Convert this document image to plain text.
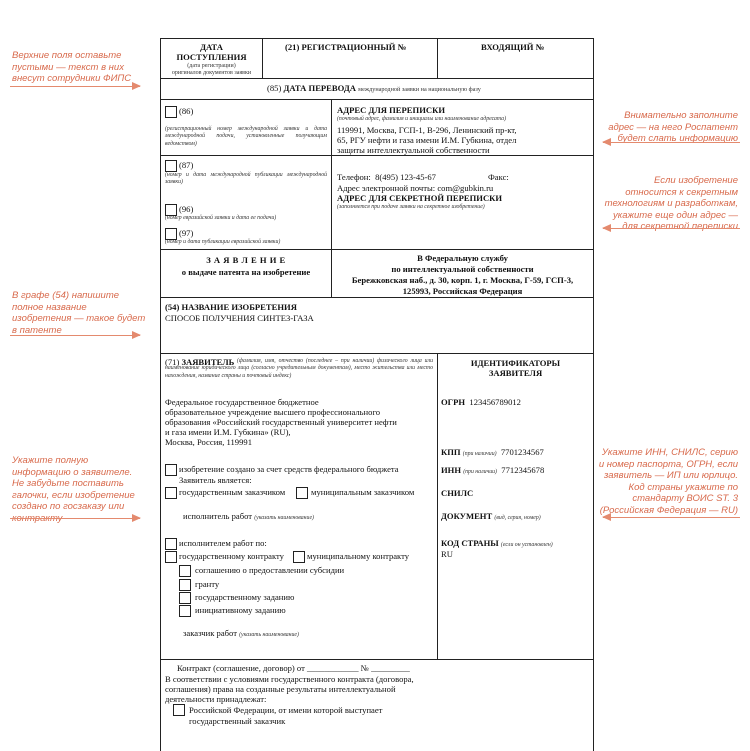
Верхние поля оставьте пустыми — текст в них внесут сотрудники ФИПС
Внимательно заполните адрес — на него Роспатент будет слать информацию
Если изобретение относится к секретным технологиям и разработкам, укажите еще один адрес — для секретной переписки
В графе (54) напишите полное название изобретения — такое будет в патенте
Укажите полную информацию о заявителе. Не забудьте поставить галочки, если изобретение создано по госзаказу или контракту
Укажите ИНН, СНИЛС, серию и номер паспорта, ОГРН, если заявитель — ИП или юрлицо. Код страны укажите по стандарту ВОИС ST. 3 (Российская Федерация — RU)
ДАТА
ПОСТУПЛЕНИЯ
(дата регистрации)
оригиналов документов заявки
(21) РЕГИСТРАЦИОННЫЙ №	ВХОДЯЩИЙ №
(85) ДАТА ПЕРЕВОДА международной заявки на национальную фазу
(86)
(регистрационный номер международной заявки и дата международной подачи, установленные получающим ведомством)
(87)
(номер и дата международной публикации международной заявки)
(96)
(номер евразийской заявки и дата ее подачи)
(97)
(номер и дата публикации евразийской заявки)
АДРЕС ДЛЯ ПЕРЕПИСКИ
(почтовый адрес, фамилия и инициалы или наименование адресата)
119991, Москва, ГСП-1, В-296, Ленинский пр-кт,
65, РГУ нефти и газа имени И.М. Губкина, отдел
защиты интеллектуальной собственности
Телефон: 8(495) 123-45-67	Факс:
Адрес электронной почты: com@gubkin.ru
АДРЕС ДЛЯ СЕКРЕТНОЙ ПЕРЕПИСКИ
(заполняется при подаче заявки на секретное изобретение)
З А Я В Л Е Н И Е
о выдаче патента на изобретение
В Федеральную службу
по интеллектуальной собственности
Бережковская наб., д. 30, корп. 1, г. Москва, Г-59, ГСП-3,
125993, Российская Федерация
(54) НАЗВАНИЕ ИЗОБРЕТЕНИЯ
СПОСОБ ПОЛУЧЕНИЯ СИНТЕЗ-ГАЗА
(71) ЗАЯВИТЕЛЬ (фамилия, имя, отчество (последнее – при наличии) физического лица или наименование юридического лица (согласно учредительным документам), место жительства или место нахождения, название страны и почтовый индекс)
Федеральное государственное бюджетное
образовательное учреждение высшего профессионального
образования «Российский государственный университет нефти
и газа имени И.М. Губкина» (RU),
Москва, Россия, 119991
изобретение создано за счет средств федерального бюджета
Заявитель является:
государственным заказчиком	муниципальным заказчиком
исполнитель работ (указать наименование)
исполнителем работ по:
государственному контракту	муниципальному контракту
соглашению о предоставлении субсидии
гранту
государственному заданию
инициативному заданию
заказчик работ (указать наименование)
ИДЕНТИФИКАТОРЫ
ЗАЯВИТЕЛЯ
ОГРН 123456789012
КПП (при наличии) 7701234567
ИНН (при наличии) 7712345678
СНИЛС
ДОКУМЕНТ (вид, серия, номер)
КОД СТРАНЫ (если он установлен)
RU
Контракт (соглашение, договор) от ____________ № _________
В соответствии с условиями государственного контракта (договора,
соглашения) права на созданные результаты интеллектуальной
деятельности принадлежат:
Российской Федерации, от имени которой выступает
государственный заказчик
